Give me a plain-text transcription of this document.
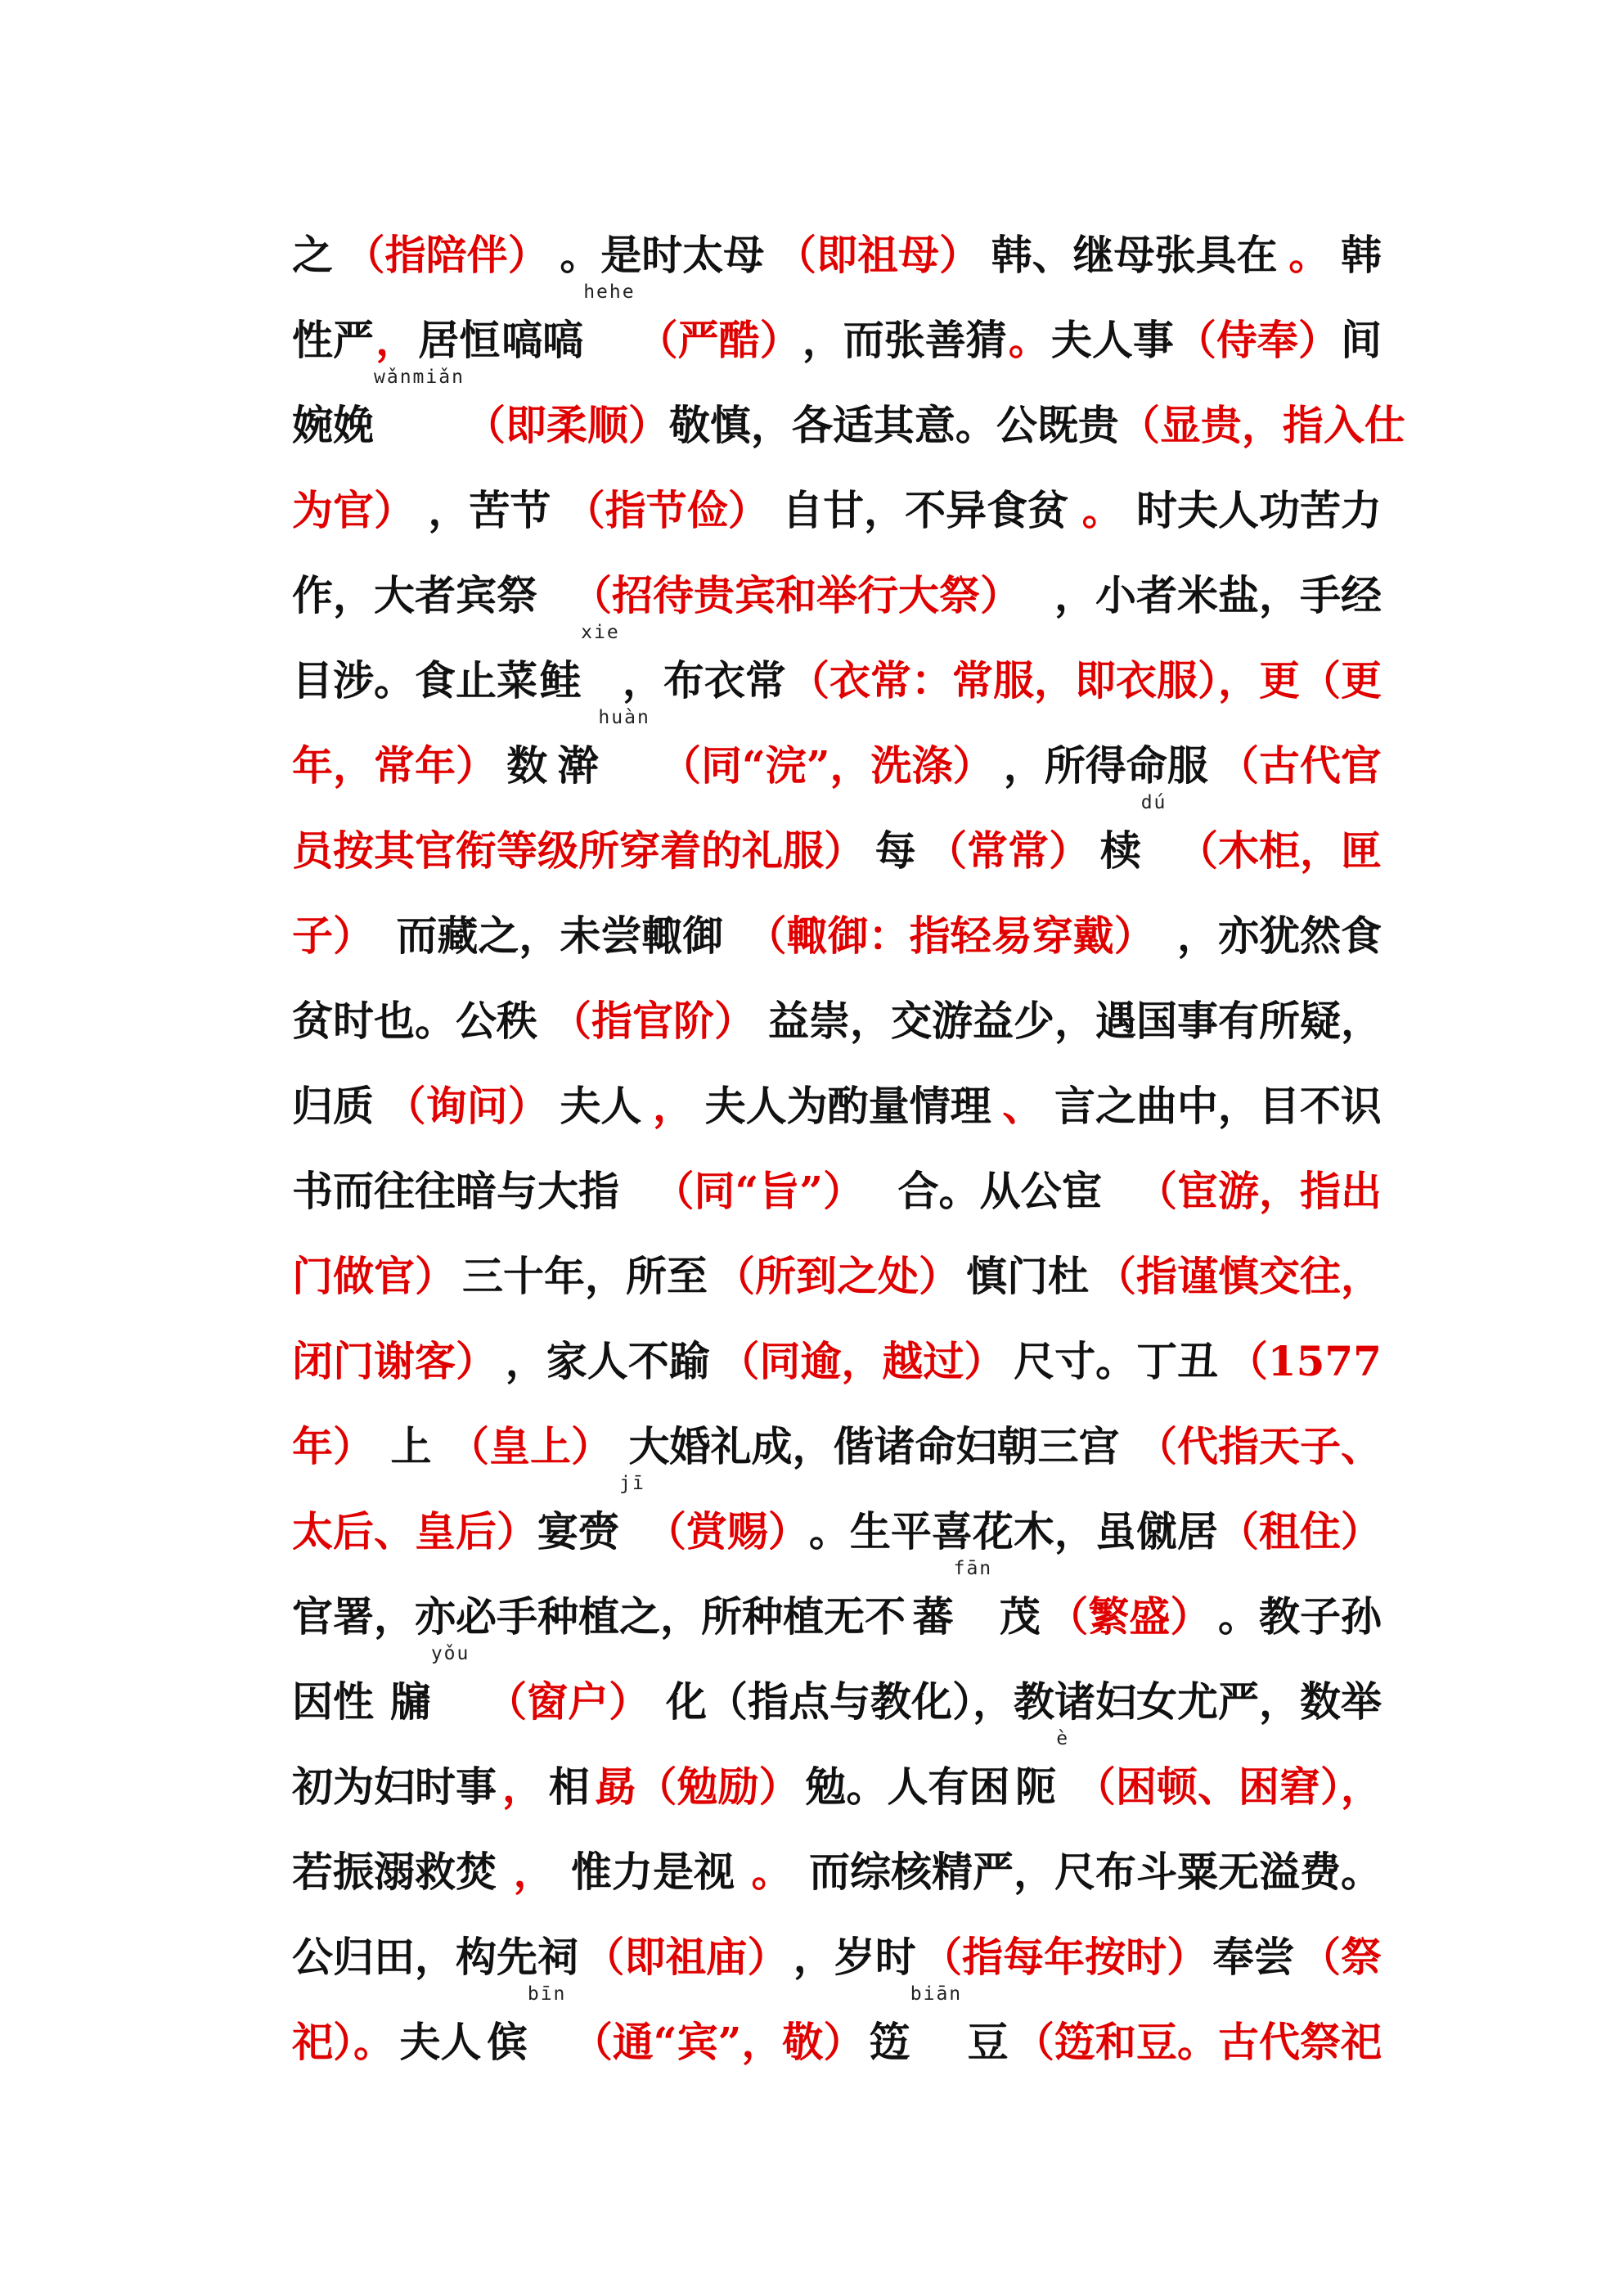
之 （指陪伴） 。是时太母 （即祖母） 韩、继母张具在 。 韩
性严 ， 居恒 嗃嗃hehe
（严酷） ，而张善猜 。 夫人事 （侍奉） 间
婉娩wǎnmiǎn
（即柔顺） 敬慎，各适其意。公既贵 （显贵，指入仕
为官） ，苦节 （指节俭） 自甘，不异食贫 。 时夫人功苦力
作，大者宾祭 （招待贵宾和举行大祭） ，小者米盐，手经
目涉。食止菜 鲑xie
，布衣常 （衣常：常服，即衣服），更（更
年，常年） 数 澣huàn
（同“浣”，洗涤） ，所得命服 （古代官
员按其官衔等级所穿着的礼服） 每 （常常） 椟dú
（木柜，匣
子） 而藏之，未尝輙御 （輙御：指轻易穿戴） ，亦犹然食
贫时也。公秩 （指官阶） 益崇，交游益少，遇国事有所疑，
归质 （询问） 夫人 ， 夫人为酌量情理 、 言之曲中，目不识
书而往往暗与大指 （同“旨”） 合。从公宦 （宦游，指出
门做官） 三十年，所至 （所到之处） 慎门杜 （指谨慎交往，
闭门谢客） ，家人不踰 （同逾，越过） 尺寸。丁丑 （1577
年） 上 （皇上） 大婚礼成，偕诸命妇朝三宫 （代指天子、
太后、皇后） 宴 赍jī
（赏赐） 。生平喜花木，虽僦居 （租住）
官署，亦必手种植之，所种植无不 蕃fān
茂 （繁盛） 。教子孙
因性 牖yǒu
（窗户） 化（指点与教化），教诸妇女尤严，数举
初为妇时事 ， 相 勗（勉励） 勉。人有困 阨è
（困顿、困窘），
若振溺救焚 ， 惟力是视 。 而综核精严，尺布斗粟无溢费。
公归田，构先祠 （即祖庙） ，岁时 （指每年按时） 奉尝 （祭
祀）。 夫人 傧bīn
（通“宾”，敬） 笾biān
豆 （笾和豆。古代祭祀
